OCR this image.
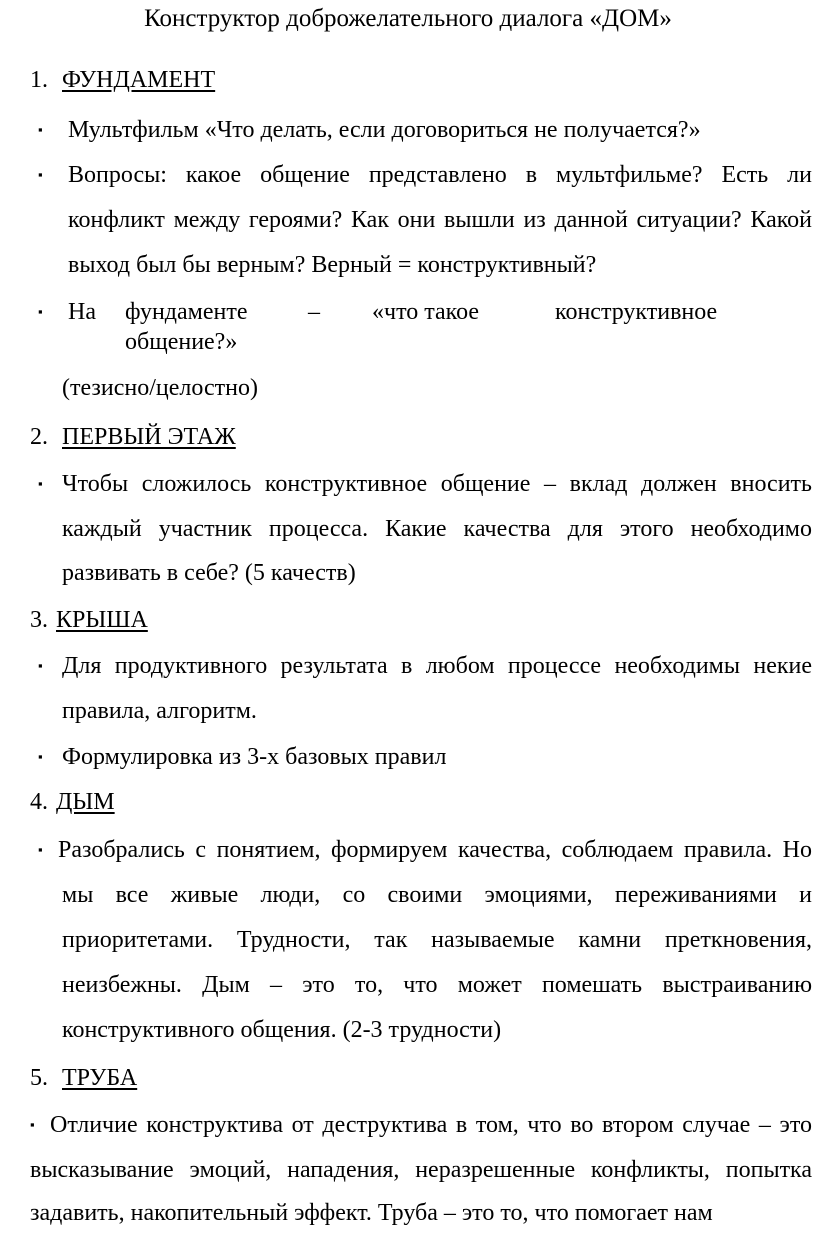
Конструктор доброжелательного диалога «ДОМ»
1. ФУНДАМЕНТ
▪ Мультфильм «Что делать, если договориться не получается?»
▪ Вопросы: какое общение представлено в мультфильме? Есть ли
конфликт между героями? Как они вышли из данной ситуации? Какой
выход был бы верным? Верный = конструктивный?
▪ На фундаменте	– «что такое	конструктивное
общение?»
(тезисно/целостно)
2. ПЕРВЫЙ ЭТАЖ
▪ Чтобы сложилось конструктивное общение – вклад должен вносить
каждый участник процесса. Какие качества для этого необходимо
развивать в себе? (5 качеств)
3. КРЫША
▪ Для продуктивного результата в любом процессе необходимы некие
правила, алгоритм.
▪ Формулировка из 3-х базовых правил
4. ДЫМ
▪ Разобрались с понятием, формируем качества, соблюдаем правила. Но
мы все живые люди, со своими эмоциями, переживаниями и
приоритетами. Трудности, так называемые камни преткновения,
неизбежны. Дым – это то, что может помешать выстраиванию
конструктивного общения. (2-3 трудности)
5. ТРУБА
▪ Отличие конструктива от деструктива в том, что во втором случае – это
высказывание эмоций, нападения, неразрешенные конфликты, попытка
задавить, накопительный эффект. Труба – это то, что помогает нам
